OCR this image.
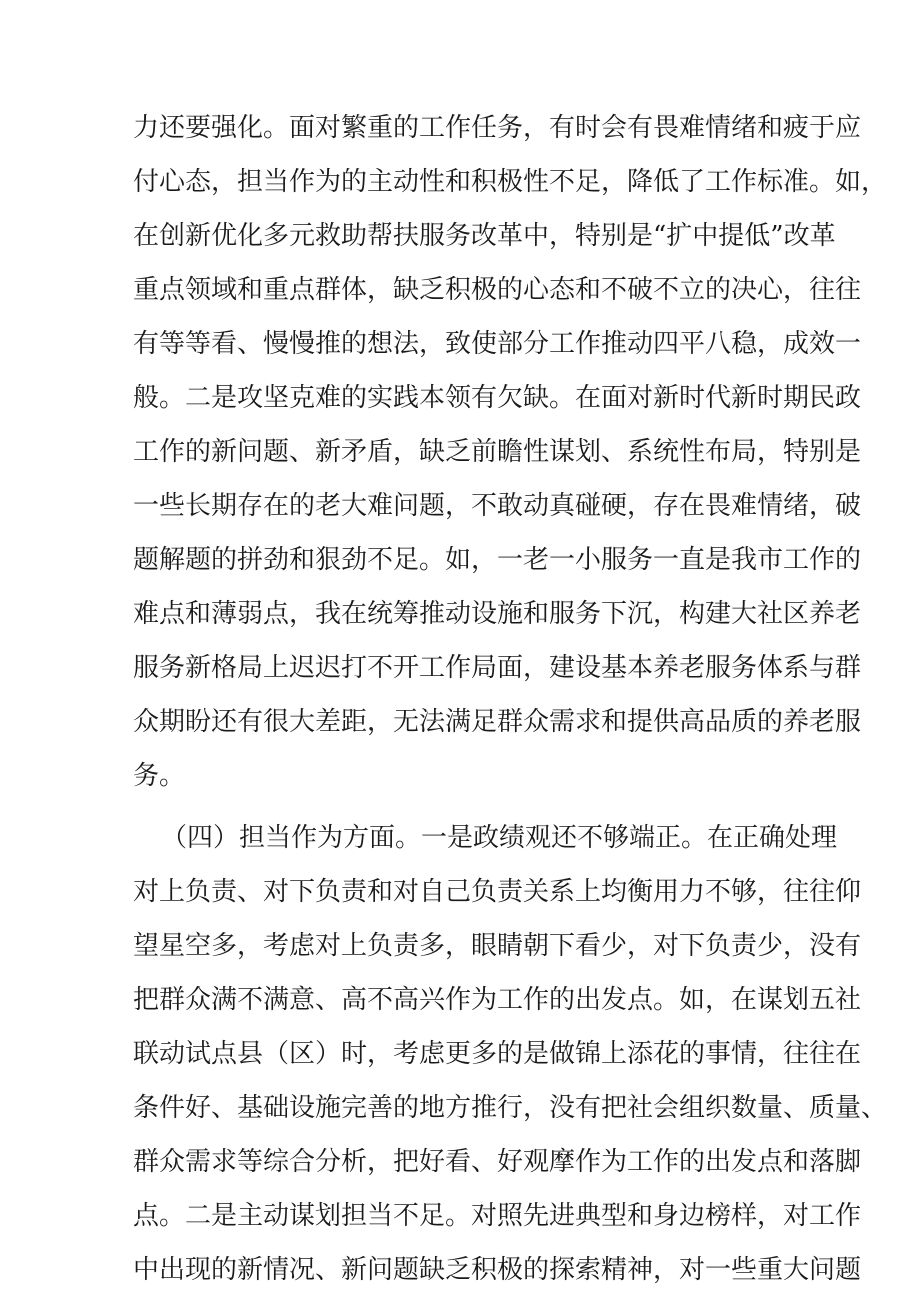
力还要强化。面对繁重的工作任务，有时会有畏难情绪和疲于应
付心态，担当作为的主动性和积极性不足，降低了工作标准。如，
在创新优化多元救助帮扶服务改革中，特别是“扩中提低”改革
重点领域和重点群体，缺乏积极的心态和不破不立的决心，往往
有等等看、慢慢推的想法，致使部分工作推动四平八稳，成效一
般。二是攻坚克难的实践本领有欠缺。在面对新时代新时期民政
工作的新问题、新矛盾，缺乏前瞻性谋划、系统性布局，特别是
一些长期存在的老大难问题，不敢动真碰硬，存在畏难情绪，破
题解题的拼劲和狠劲不足。如，一老一小服务一直是我市工作的
难点和薄弱点，我在统筹推动设施和服务下沉，构建大社区养老
服务新格局上迟迟打不开工作局面，建设基本养老服务体系与群
众期盼还有很大差距，无法满足群众需求和提供高品质的养老服
务。
（四）担当作为方面。一是政绩观还不够端正。在正确处理
对上负责、对下负责和对自己负责关系上均衡用力不够，往往仰
望星空多，考虑对上负责多，眼睛朝下看少，对下负责少，没有
把群众满不满意、高不高兴作为工作的出发点。如，在谋划五社
联动试点县（区）时，考虑更多的是做锦上添花的事情，往往在
条件好、基础设施完善的地方推行，没有把社会组织数量、质量、
群众需求等综合分析，把好看、好观摩作为工作的出发点和落脚
点。二是主动谋划担当不足。对照先进典型和身边榜样，对工作
中出现的新情况、新问题缺乏积极的探索精神，对一些重大问题
